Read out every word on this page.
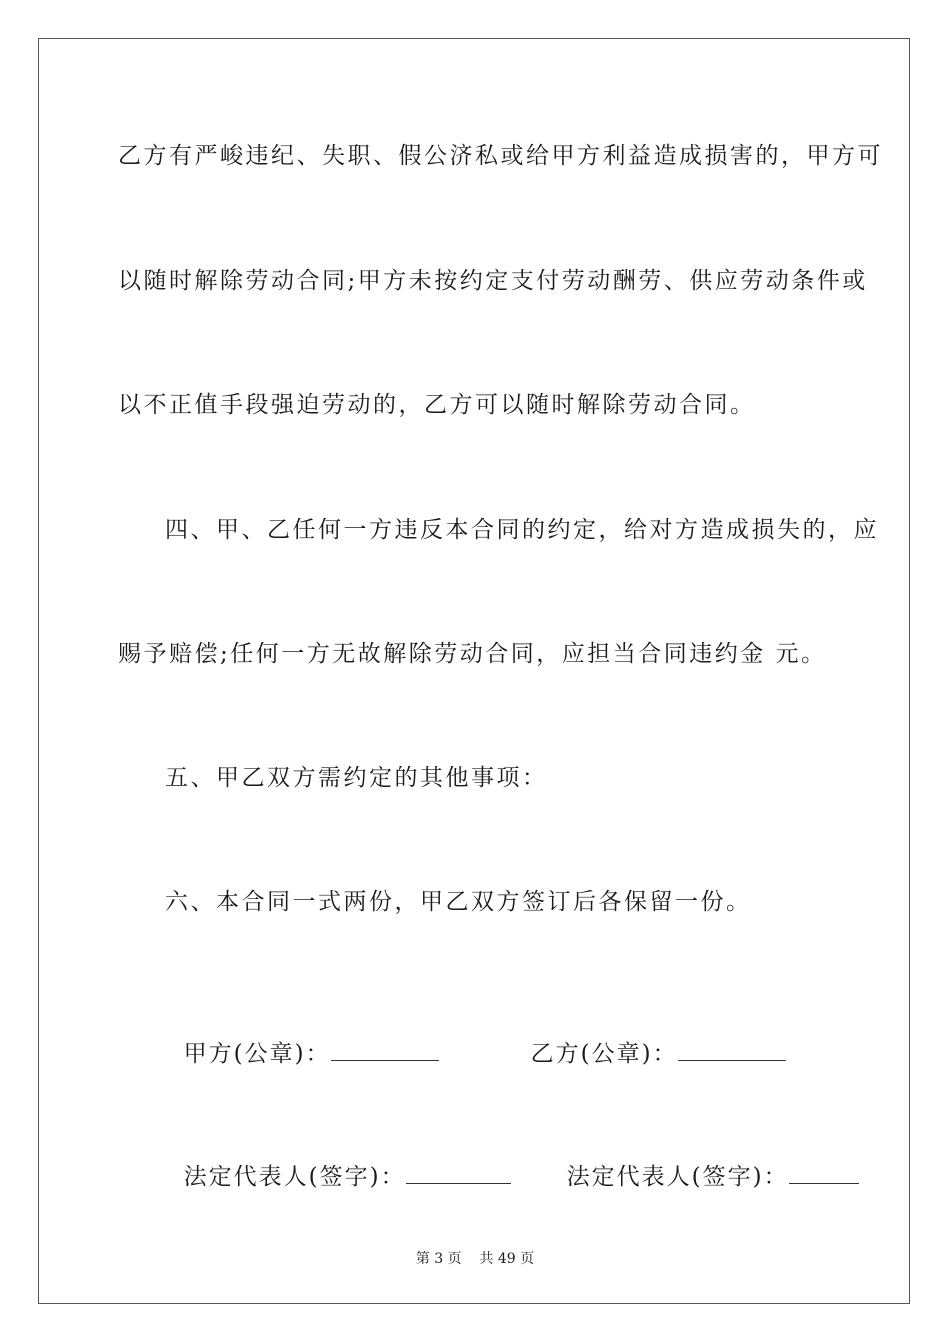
乙方有严峻违纪、失职、假公济私或给甲方利益造成损害的，甲方可
以随时解除劳动合同;甲方未按约定支付劳动酬劳、供应劳动条件或
以不正值手段强迫劳动的，乙方可以随时解除劳动合同。
四、甲、乙任何一方违反本合同的约定，给对方造成损失的，应
赐予赔偿;任何一方无故解除劳动合同，应担当合同违约金 元。
五、甲乙双方需约定的其他事项：
六、本合同一式两份，甲乙双方签订后各保留一份。

甲方(公章)：	乙方(公章)：

法定代表人(签字)：	法定代表人(签字)：

第 3 页    共 49 页
